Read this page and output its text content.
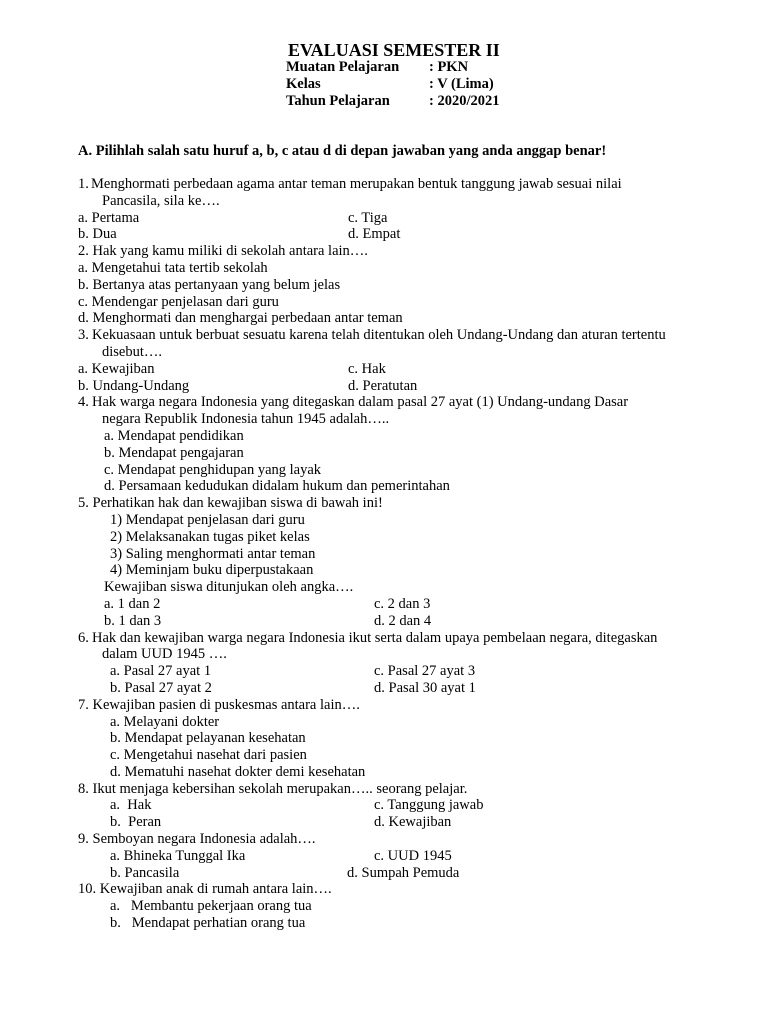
EVALUASI SEMESTER II
Muatan Pelajaran	: PKN
Kelas	: V (Lima)
Tahun Pelajaran	: 2020/2021
A. Pilihlah salah satu huruf a, b, c atau d di depan jawaban yang anda anggap benar!
1. Menghormati perbedaan agama antar teman merupakan bentuk tanggung jawab sesuai nilai
Pancasila, sila ke….
a. Pertama	c. Tiga
b. Dua	d. Empat
2. Hak yang kamu miliki di sekolah antara lain….
a. Mengetahui tata tertib sekolah
b. Bertanya atas pertanyaan yang belum jelas
c. Mendengar penjelasan dari guru
d. Menghormati dan menghargai perbedaan antar teman
3. Kekuasaan untuk berbuat sesuatu karena telah ditentukan oleh Undang-Undang dan aturan tertentu
disebut….
a. Kewajiban	c. Hak
b. Undang-Undang	d. Peratutan
4. Hak warga negara Indonesia yang ditegaskan dalam pasal 27 ayat (1) Undang-undang Dasar
negara Republik Indonesia tahun 1945 adalah…..
a. Mendapat pendidikan
b. Mendapat pengajaran
c. Mendapat penghidupan yang layak
d. Persamaan kedudukan didalam hukum dan pemerintahan
5. Perhatikan hak dan kewajiban siswa di bawah ini!
1) Mendapat penjelasan dari guru
2) Melaksanakan tugas piket kelas
3) Saling menghormati antar teman
4) Meminjam buku diperpustakaan
Kewajiban siswa ditunjukan oleh angka….
a. 1 dan 2	c. 2 dan 3
b. 1 dan 3	d. 2 dan 4
6. Hak dan kewajiban warga negara Indonesia ikut serta dalam upaya pembelaan negara, ditegaskan
dalam UUD 1945 ….
a. Pasal 27 ayat 1	c. Pasal 27 ayat 3
b. Pasal 27 ayat 2	d. Pasal 30 ayat 1
7. Kewajiban pasien di puskesmas antara lain….
a. Melayani dokter
b. Mendapat pelayanan kesehatan
c. Mengetahui nasehat dari pasien
d. Mematuhi nasehat dokter demi kesehatan
8. Ikut menjaga kebersihan sekolah merupakan….. seorang pelajar.
a.  Hak	c. Tanggung jawab
b.  Peran	d. Kewajiban
9. Semboyan negara Indonesia adalah….
a. Bhineka Tunggal Ika	c. UUD 1945
b. Pancasila	d. Sumpah Pemuda
10. Kewajiban anak di rumah antara lain….
a.   Membantu pekerjaan orang tua
b.   Mendapat perhatian orang tua
